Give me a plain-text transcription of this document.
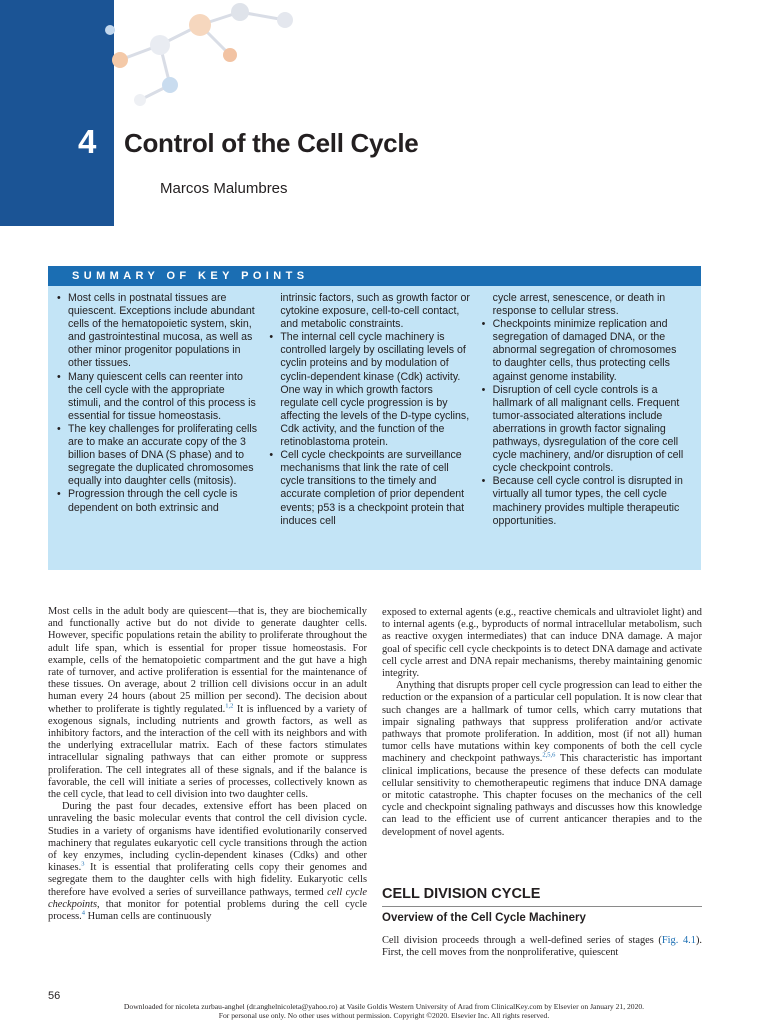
4 Control of the Cell Cycle
Marcos Malumbres
SUMMARY OF KEY POINTS
• Most cells in postnatal tissues are quiescent. Exceptions include abundant cells of the hematopoietic system, skin, and gastrointestinal mucosa, as well as other minor progenitor populations in other tissues.
• Many quiescent cells can reenter into the cell cycle with the appropriate stimuli, and the control of this process is essential for tissue homeostasis.
• The key challenges for proliferating cells are to make an accurate copy of the 3 billion bases of DNA (S phase) and to segregate the duplicated chromosomes equally into daughter cells (mitosis).
• Progression through the cell cycle is dependent on both extrinsic and
intrinsic factors, such as growth factor or cytokine exposure, cell-to-cell contact, and metabolic constraints.
• The internal cell cycle machinery is controlled largely by oscillating levels of cyclin proteins and by modulation of cyclin-dependent kinase (Cdk) activity. One way in which growth factors regulate cell cycle progression is by affecting the levels of the D-type cyclins, Cdk activity, and the function of the retinoblastoma protein.
• Cell cycle checkpoints are surveillance mechanisms that link the rate of cell cycle transitions to the timely and accurate completion of prior dependent events; p53 is a checkpoint protein that induces cell
cycle arrest, senescence, or death in response to cellular stress.
• Checkpoints minimize replication and segregation of damaged DNA, or the abnormal segregation of chromosomes to daughter cells, thus protecting cells against genome instability.
• Disruption of cell cycle controls is a hallmark of all malignant cells. Frequent tumor-associated alterations include aberrations in growth factor signaling pathways, dysregulation of the core cell cycle machinery, and/or disruption of cell cycle checkpoint controls.
• Because cell cycle control is disrupted in virtually all tumor types, the cell cycle machinery provides multiple therapeutic opportunities.

Most cells in the adult body are quiescent—that is, they are biochemically and functionally active but do not divide to generate daughter cells. However, specific populations retain the ability to proliferate throughout the adult life span, which is essential for proper tissue homeostasis. For example, cells of the hematopoietic compartment and the gut have a high rate of turnover, and active proliferation is essential for the maintenance of these tissues. On average, about 2 trillion cell divisions occur in an adult human every 24 hours (about 25 million per second). The decision about whether to proliferate is tightly regulated.$^{1,2}$ It is influenced by a variety of exogenous signals, including nutrients and growth factors, as well as inhibitory factors, and the interaction of the cell with its neighbors and with the underlying extracellular matrix. Each of these factors stimulates intracellular signaling pathways that can either promote or suppress proliferation. The cell integrates all of these signals, and if the balance is favorable, the cell will initiate a series of processes, collectively known as the cell cycle, that lead to cell division into two daughter cells.

During the past four decades, extensive effort has been placed on unraveling the basic molecular events that control the cell division cycle. Studies in a variety of organisms have identified evolutionarily conserved machinery that regulates eukaryotic cell cycle transitions through the action of key enzymes, including cyclin-dependent kinases (Cdks) and other kinases.$^3$ It is essential that proliferating cells copy their genomes and segregate them to the daughter cells with high fidelity. Eukaryotic cells therefore have evolved a series of surveillance pathways, termed cell cycle checkpoints, that monitor for potential problems during the cell cycle process.$^4$ Human cells are continuously

exposed to external agents (e.g., reactive chemicals and ultraviolet light) and to internal agents (e.g., byproducts of normal intracellular metabolism, such as reactive oxygen intermediates) that can induce DNA damage. A major goal of specific cell cycle checkpoints is to detect DNA damage and activate cell cycle arrest and DNA repair mechanisms, thereby maintaining genomic integrity.

Anything that disrupts proper cell cycle progression can lead to either the reduction or the expansion of a particular cell population. It is now clear that such changes are a hallmark of tumor cells, which carry mutations that impair signaling pathways that suppress proliferation and/or activate pathways that promote proliferation. In addition, most (if not all) human tumor cells have mutations within key components of both the cell cycle machinery and checkpoint pathways.$^{2,5,6}$ This characteristic has important clinical implications, because the presence of these defects can modulate cellular sensitivity to chemotherapeutic regimens that induce DNA damage or mitotic catastrophe. This chapter focuses on the mechanics of the cell cycle and checkpoint signaling pathways and discusses how this knowledge can lead to the efficient use of current anticancer therapies and to the development of novel agents.

CELL DIVISION CYCLE
Overview of the Cell Cycle Machinery

Cell division proceeds through a well-defined series of stages (Fig. 4.1). First, the cell moves from the nonproliferative, quiescent

56
Downloaded for nicoleta zurbau-anghel (dr.anghelnicoleta@yahoo.ro) at Vasile Goldis Western University of Arad from ClinicalKey.com by Elsevier on January 21, 2020.
For personal use only. No other uses without permission. Copyright ©2020. Elsevier Inc. All rights reserved.
